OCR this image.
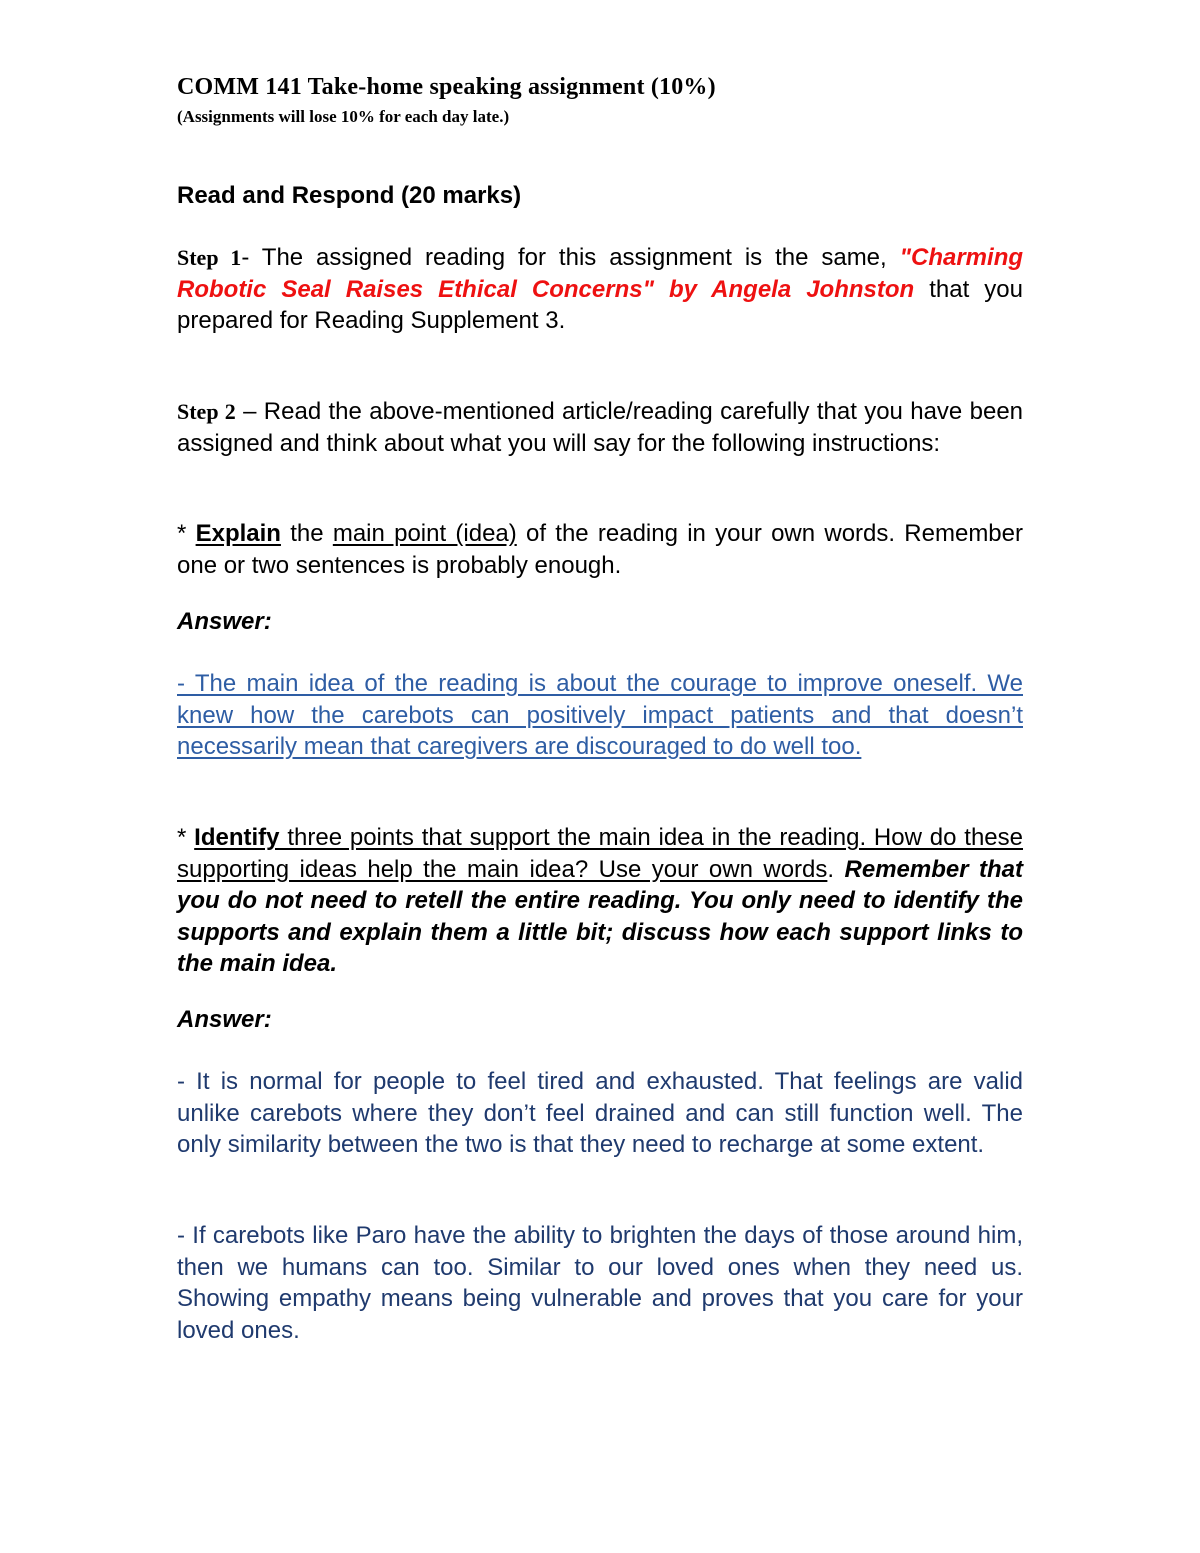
COMM 141 Take-home speaking assignment (10%)
(Assignments will lose 10% for each day late.)
Read and Respond (20 marks)

Step 1- The assigned reading for this assignment is the same, "Charming Robotic Seal Raises Ethical Concerns" by Angela Johnston that you prepared for Reading Supplement 3.

Step 2 – Read the above-mentioned article/reading carefully that you have been assigned and think about what you will say for the following instructions:

* Explain the main point (idea) of the reading in your own words. Remember one or two sentences is probably enough.

Answer:

- The main idea of the reading is about the courage to improve oneself. We knew how the carebots can positively impact patients and that doesn’t necessarily mean that caregivers are discouraged to do well too.

* Identify three points that support the main idea in the reading. How do these supporting ideas help the main idea? Use your own words. Remember that you do not need to retell the entire reading. You only need to identify the supports and explain them a little bit; discuss how each support links to the main idea.

Answer:

- It is normal for people to feel tired and exhausted. That feelings are valid unlike carebots where they don’t feel drained and can still function well. The only similarity between the two is that they need to recharge at some extent.

- If carebots like Paro have the ability to brighten the days of those around him, then we humans can too. Similar to our loved ones when they need us. Showing empathy means being vulnerable and proves that you care for your loved ones.
